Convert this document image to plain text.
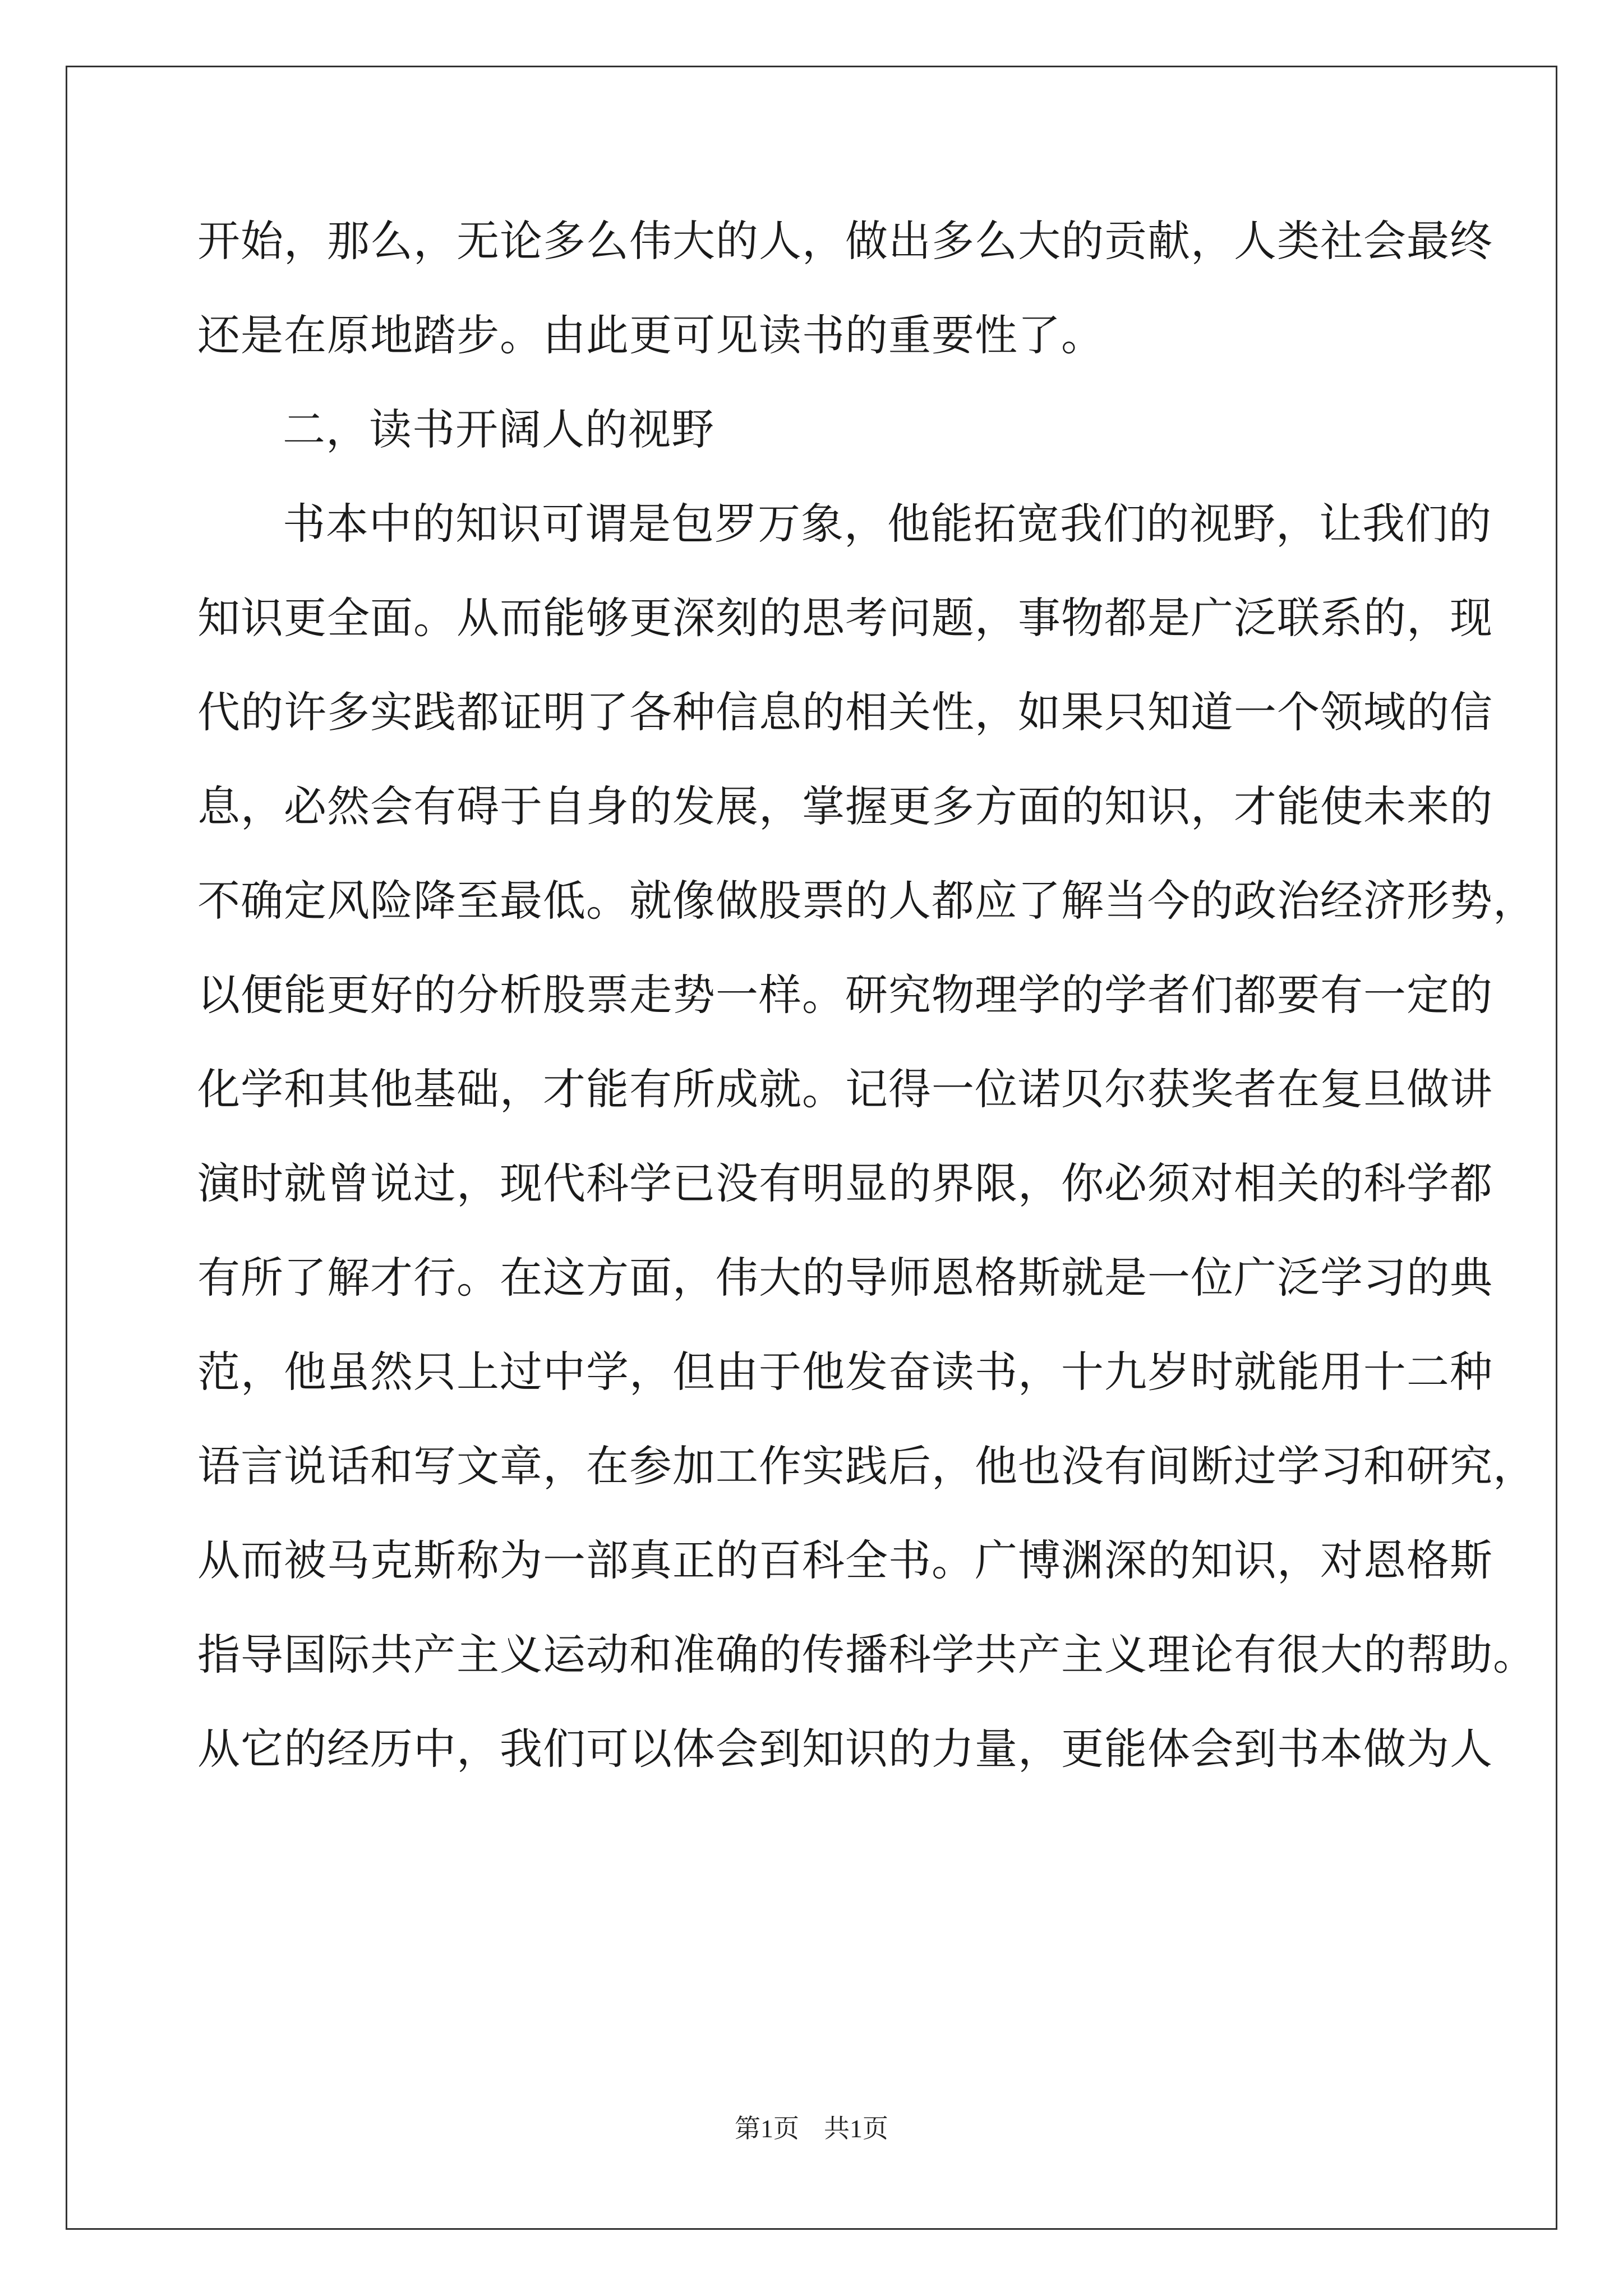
开始，那么，无论多么伟大的人，做出多么大的贡献，人类社会最终
还是在原地踏步。由此更可见读书的重要性了。
二，读书开阔人的视野
书本中的知识可谓是包罗万象，他能拓宽我们的视野，让我们的
知识更全面。从而能够更深刻的思考问题，事物都是广泛联系的，现
代的许多实践都证明了各种信息的相关性，如果只知道一个领域的信
息，必然会有碍于自身的发展，掌握更多方面的知识，才能使未来的
不确定风险降至最低。就像做股票的人都应了解当今的政治经济形势，
以便能更好的分析股票走势一样。研究物理学的学者们都要有一定的
化学和其他基础，才能有所成就。记得一位诺贝尔获奖者在复旦做讲
演时就曾说过，现代科学已没有明显的界限，你必须对相关的科学都
有所了解才行。在这方面，伟大的导师恩格斯就是一位广泛学习的典
范，他虽然只上过中学，但由于他发奋读书，十九岁时就能用十二种
语言说话和写文章，在参加工作实践后，他也没有间断过学习和研究，
从而被马克斯称为一部真正的百科全书。广博渊深的知识，对恩格斯
指导国际共产主义运动和准确的传播科学共产主义理论有很大的帮助。
从它的经历中，我们可以体会到知识的力量，更能体会到书本做为人
第1页 共1页
